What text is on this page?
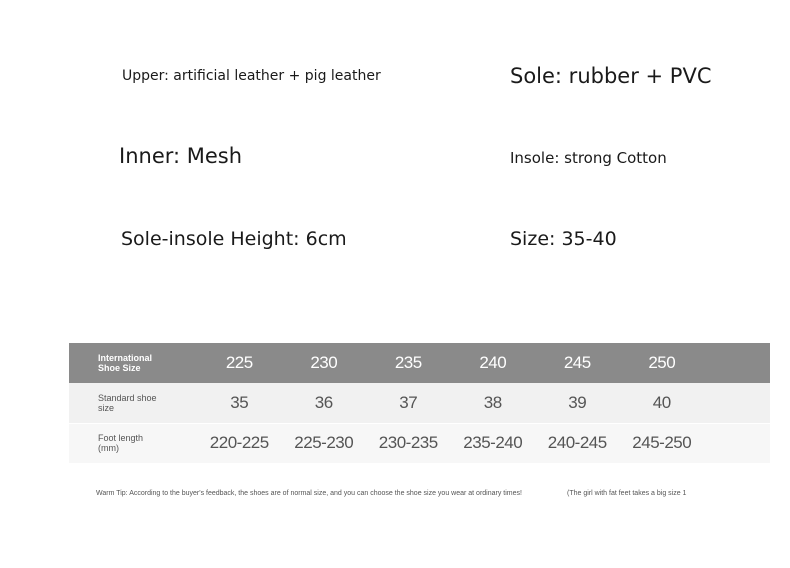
Upper: artificial leather + pig leather	Sole: rubber + PVC
Inner: Mesh	Insole: strong Cotton
Sole-insole Height: 6cm	Size: 35-40
International
Shoe Size	225	230	235	240	245	250	

Standard shoe
size	35	36	37	38	39	40	

Foot length
(mm)	220-225	225-230	230-235	235-240	240-245	245-250	
Warm Tip: According to the buyer's feedback, the shoes are of normal size, and you can choose the shoe size you wear at ordinary times!	(The girl with fat feet takes a big size 1
